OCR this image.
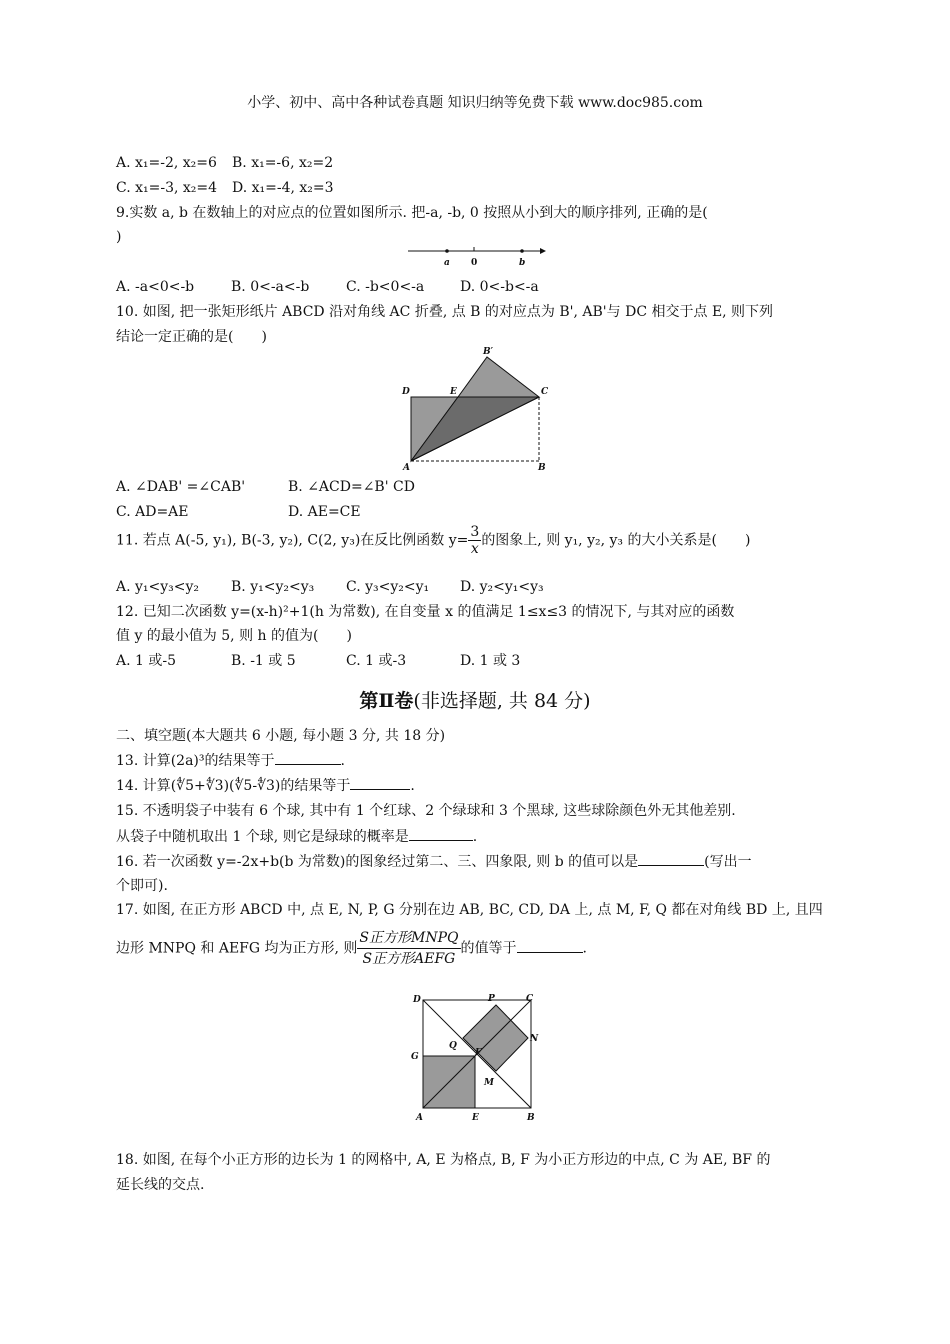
小学、初中、高中各种试卷真题 知识归纳等免费下载 www.doc985.com
A. x₁=-2, x₂=6 B. x₁=-6, x₂=2
C. x₁=-3, x₂=4 D. x₁=-4, x₂=3
9.实数 a, b 在数轴上的对应点的位置如图所示. 把-a, -b, 0 按照从小到大的顺序排列, 正确的是(
)
a 0	b
A. -a<0<-b	B. 0<-a<-b	C. -b<0<-a	D. 0<-b<-a
10. 如图, 把一张矩形纸片 ABCD 沿对角线 AC 折叠, 点 B 的对应点为 B', AB'与 DC 相交于点 E, 则下列
结论一定正确的是(　　)
B′
D	E	C
A	B
A. ∠DAB' =∠CAB'	B. ∠ACD=∠B' CD
C. AD=AE	D. AE=CE
11. 若点 A(-5, y₁), B(-3, y₂), C(2, y₃)在反比例函数 $y= \frac{3}{x}$ 的图象上, 则 y₁, y₂, y₃ 的大小关系是(　　)
A. y₁<y₃<y₂ B. y₁<y₂<y₃ C. y₃<y₂<y₁ D. y₂<y₁<y₃
12. 已知二次函数 y=(x-h)²+1(h 为常数), 在自变量 x 的值满足 1≤x≤3 的情况下, 与其对应的函数
值 y 的最小值为 5, 则 h 的值为(　　)
A. 1 或-5	B. -1 或 5	C. 1 或-3	D. 1 或 3
第Ⅱ卷(非选择题, 共 84 分)
二、填空题(本大题共 6 小题, 每小题 3 分, 共 18 分)
13. 计算(2a)³的结果等于	.
14. 计算(∜5+∜3)(∜5-∜3)的结果等于	.
15. 不透明袋子中装有 6 个球, 其中有 1 个红球、2 个绿球和 3 个黑球, 这些球除颜色外无其他差别.
从袋子中随机取出 1 个球, 则它是绿球的概率是	.
16. 若一次函数 y=-2x+b(b 为常数)的图象经过第二、三、四象限, 则 b 的值可以是	(写出一
个即可).
17. 如图, 在正方形 ABCD 中, 点 E, N, P, G 分别在边 AB, BC, CD, DA 上, 点 M, F, Q 都在对角线 BD 上, 且四
边形 MNPQ 和 AEFG 均为正方形, 则 $\frac{\text{S正方形MNPQ}}{\text{S正方形AEFG}}$ 的值等于	.
D	P	C
Q
F
N
G
M
A	E	B
18. 如图, 在每个小正方形的边长为 1 的网格中, A, E 为格点, B, F 为小正方形边的中点, C 为 AE, BF 的
延长线的交点.
